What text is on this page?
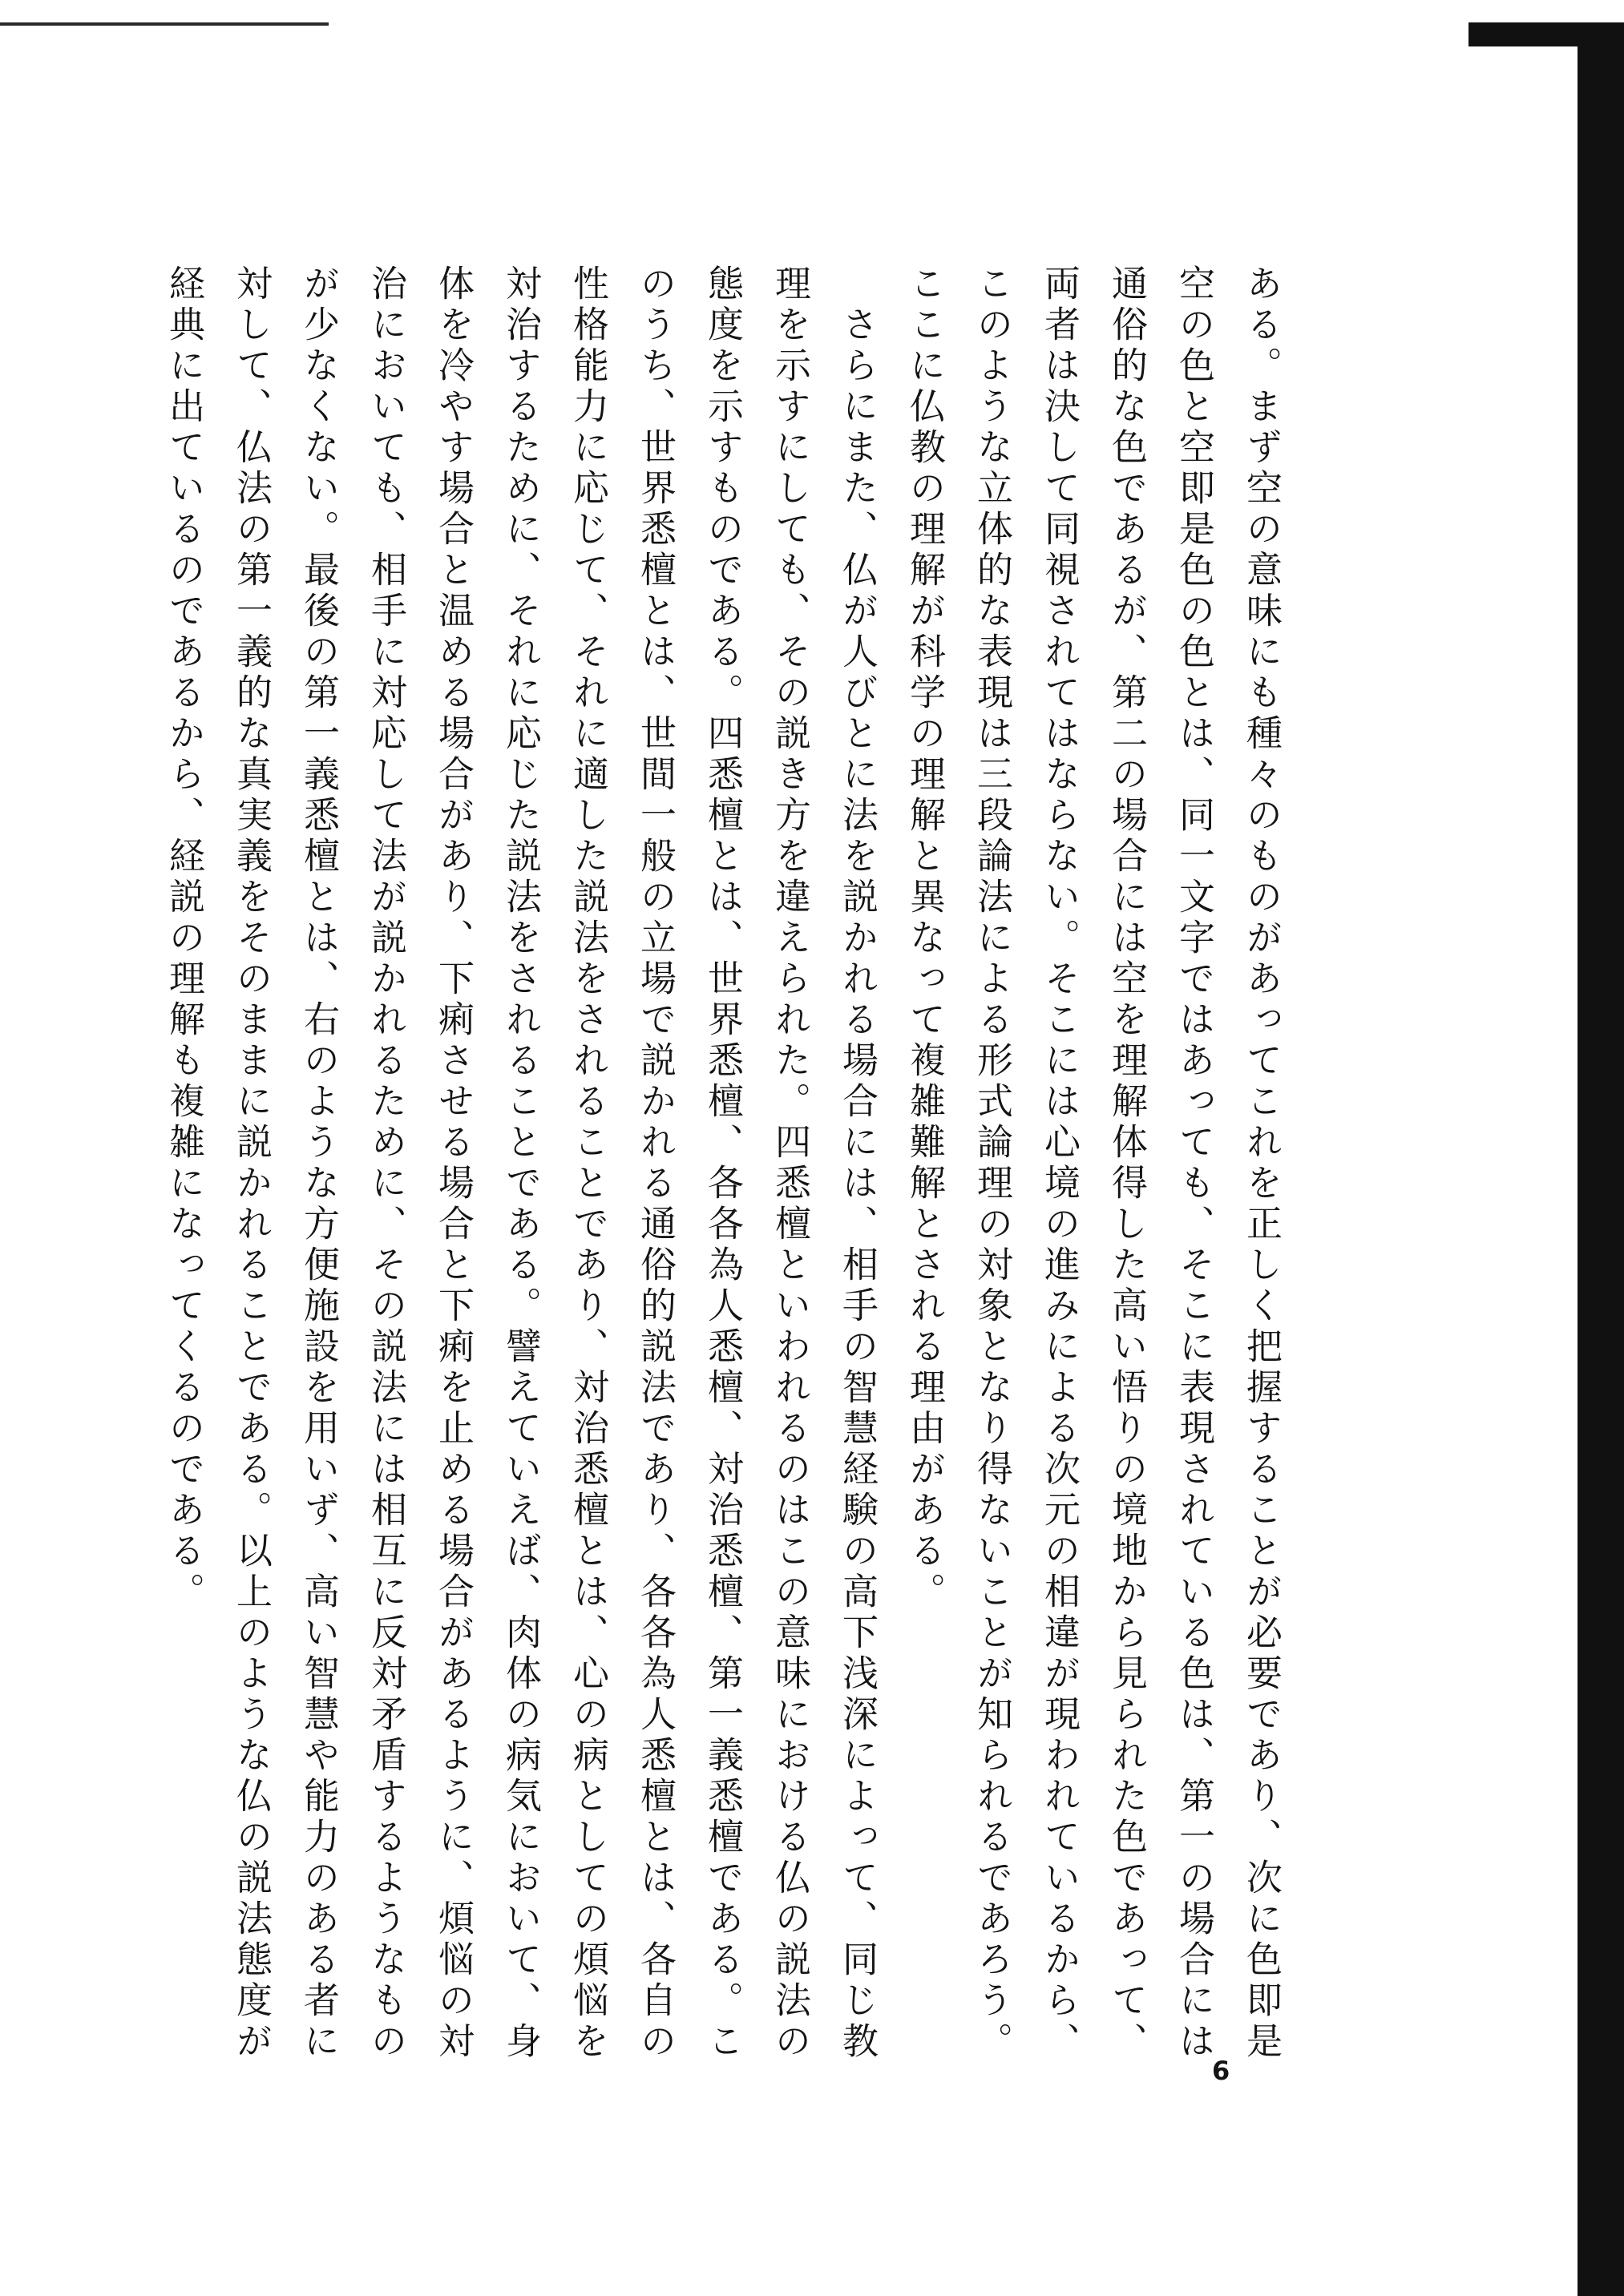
ある。まず空の意味にも種々のものがあってこれを正しく把握することが必要であり、次に色即是
空の色と空即是色の色とは、同一文字ではあっても、そこに表現されている色は、第一の場合には
通俗的な色であるが、第二の場合には空を理解体得した高い悟りの境地から見られた色であって、
両者は決して同視されてはならない。そこには心境の進みによる次元の相違が現われているから、
このような立体的な表現は三段論法による形式論理の対象となり得ないことが知られるであろう。
ここに仏教の理解が科学の理解と異なって複雑難解とされる理由がある。
　さらにまた、仏が人びとに法を説かれる場合には、相手の智慧経験の高下浅深によって、同じ教
理を示すにしても、その説き方を違えられた。四悉檀といわれるのはこの意味における仏の説法の
態度を示すものである。四悉檀とは、世界悉檀、各各為人悉檀、対治悉檀、第一義悉檀である。こ
のうち、世界悉檀とは、世間一般の立場で説かれる通俗的説法であり、各各為人悉檀とは、各自の
性格能力に応じて、それに適した説法をされることであり、対治悉檀とは、心の病としての煩悩を
対治するために、それに応じた説法をされることである。譬えていえば、肉体の病気において、身
体を冷やす場合と温める場合があり、下痢させる場合と下痢を止める場合があるように、煩悩の対
治においても、相手に対応して法が説かれるために、その説法には相互に反対矛盾するようなもの
が少なくない。最後の第一義悉檀とは、右のような方便施設を用いず、高い智慧や能力のある者に
対して、仏法の第一義的な真実義をそのままに説かれることである。以上のような仏の説法態度が
経典に出ているのであるから、経説の理解も複雑になってくるのである。
6
